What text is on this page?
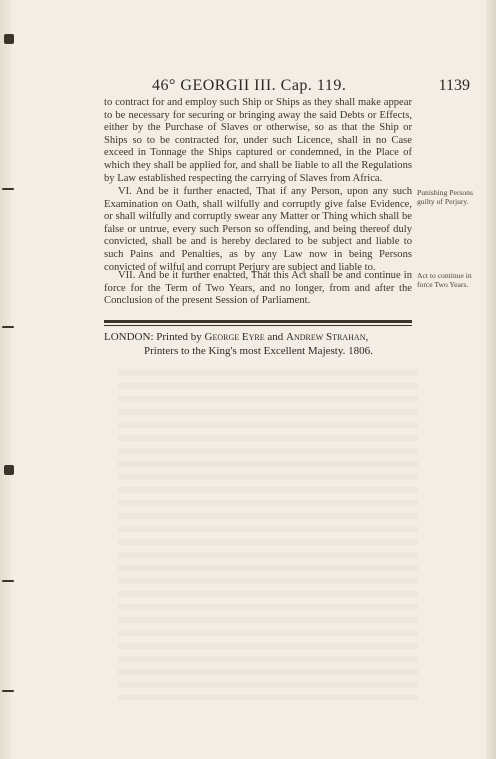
46° GEORGII III. Cap. 119.	1139

to contract for and employ such Ship or Ships as they shall make appear to be necessary for securing or bringing away the said Debts or Effects, either by the Purchase of Slaves or otherwise, so as that the Ship or Ships so to be contracted for, under such Licence, shall in no Case exceed in Tonnage the Ships captured or condemned, in the Place of which they shall be applied for, and shall be liable to all the Regulations by Law established respecting the carrying of Slaves from Africa.

VI. And be it further enacted, That if any Person, upon any such Examination on Oath, shall wilfully and corruptly give false Evidence, or shall wilfully and corruptly swear any Matter or Thing which shall be false or untrue, every such Person so offending, and being thereof duly convicted, shall be and is hereby declared to be subject and liable to such Pains and Penalties, as by any Law now in being Persons convicted of wilful and corrupt Perjury are subject and liable to.

Punishing Persons guilty of Perjury.

VII. And be it further enacted, That this Act shall be and continue in force for the Term of Two Years, and no longer, from and after the Conclusion of the present Session of Parliament.

Act to continue in force Two Years.
LONDON: Printed by George Eyre and Andrew Strahan,
Printers to the King's most Excellent Majesty. 1806.
